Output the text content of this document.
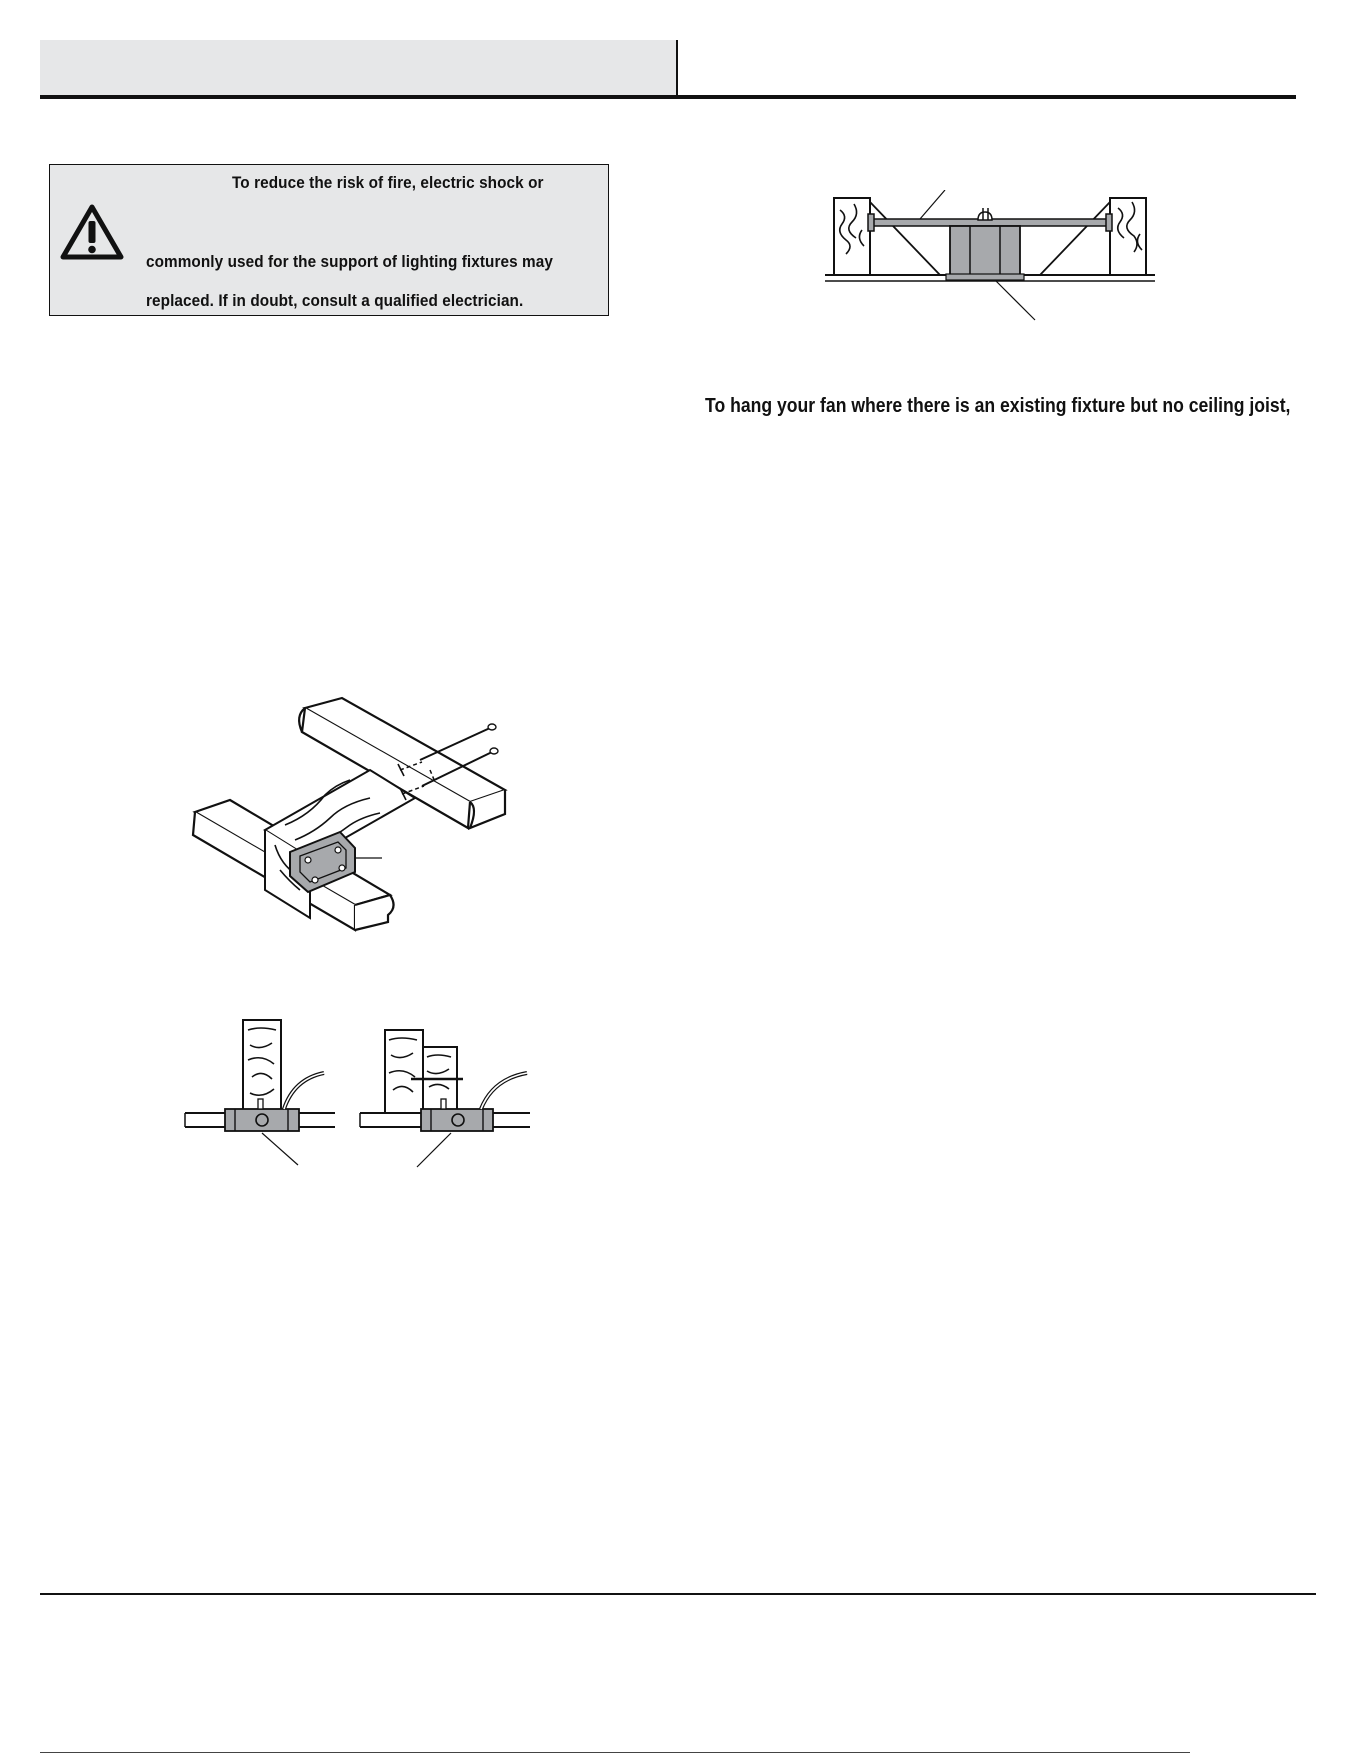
To reduce the risk of fire, electric shock or
commonly used for the support of lighting fixtures may
replaced. If in doubt, consult a qualified electrician.
To hang your fan where there is an existing fixture but no ceiling joist,
